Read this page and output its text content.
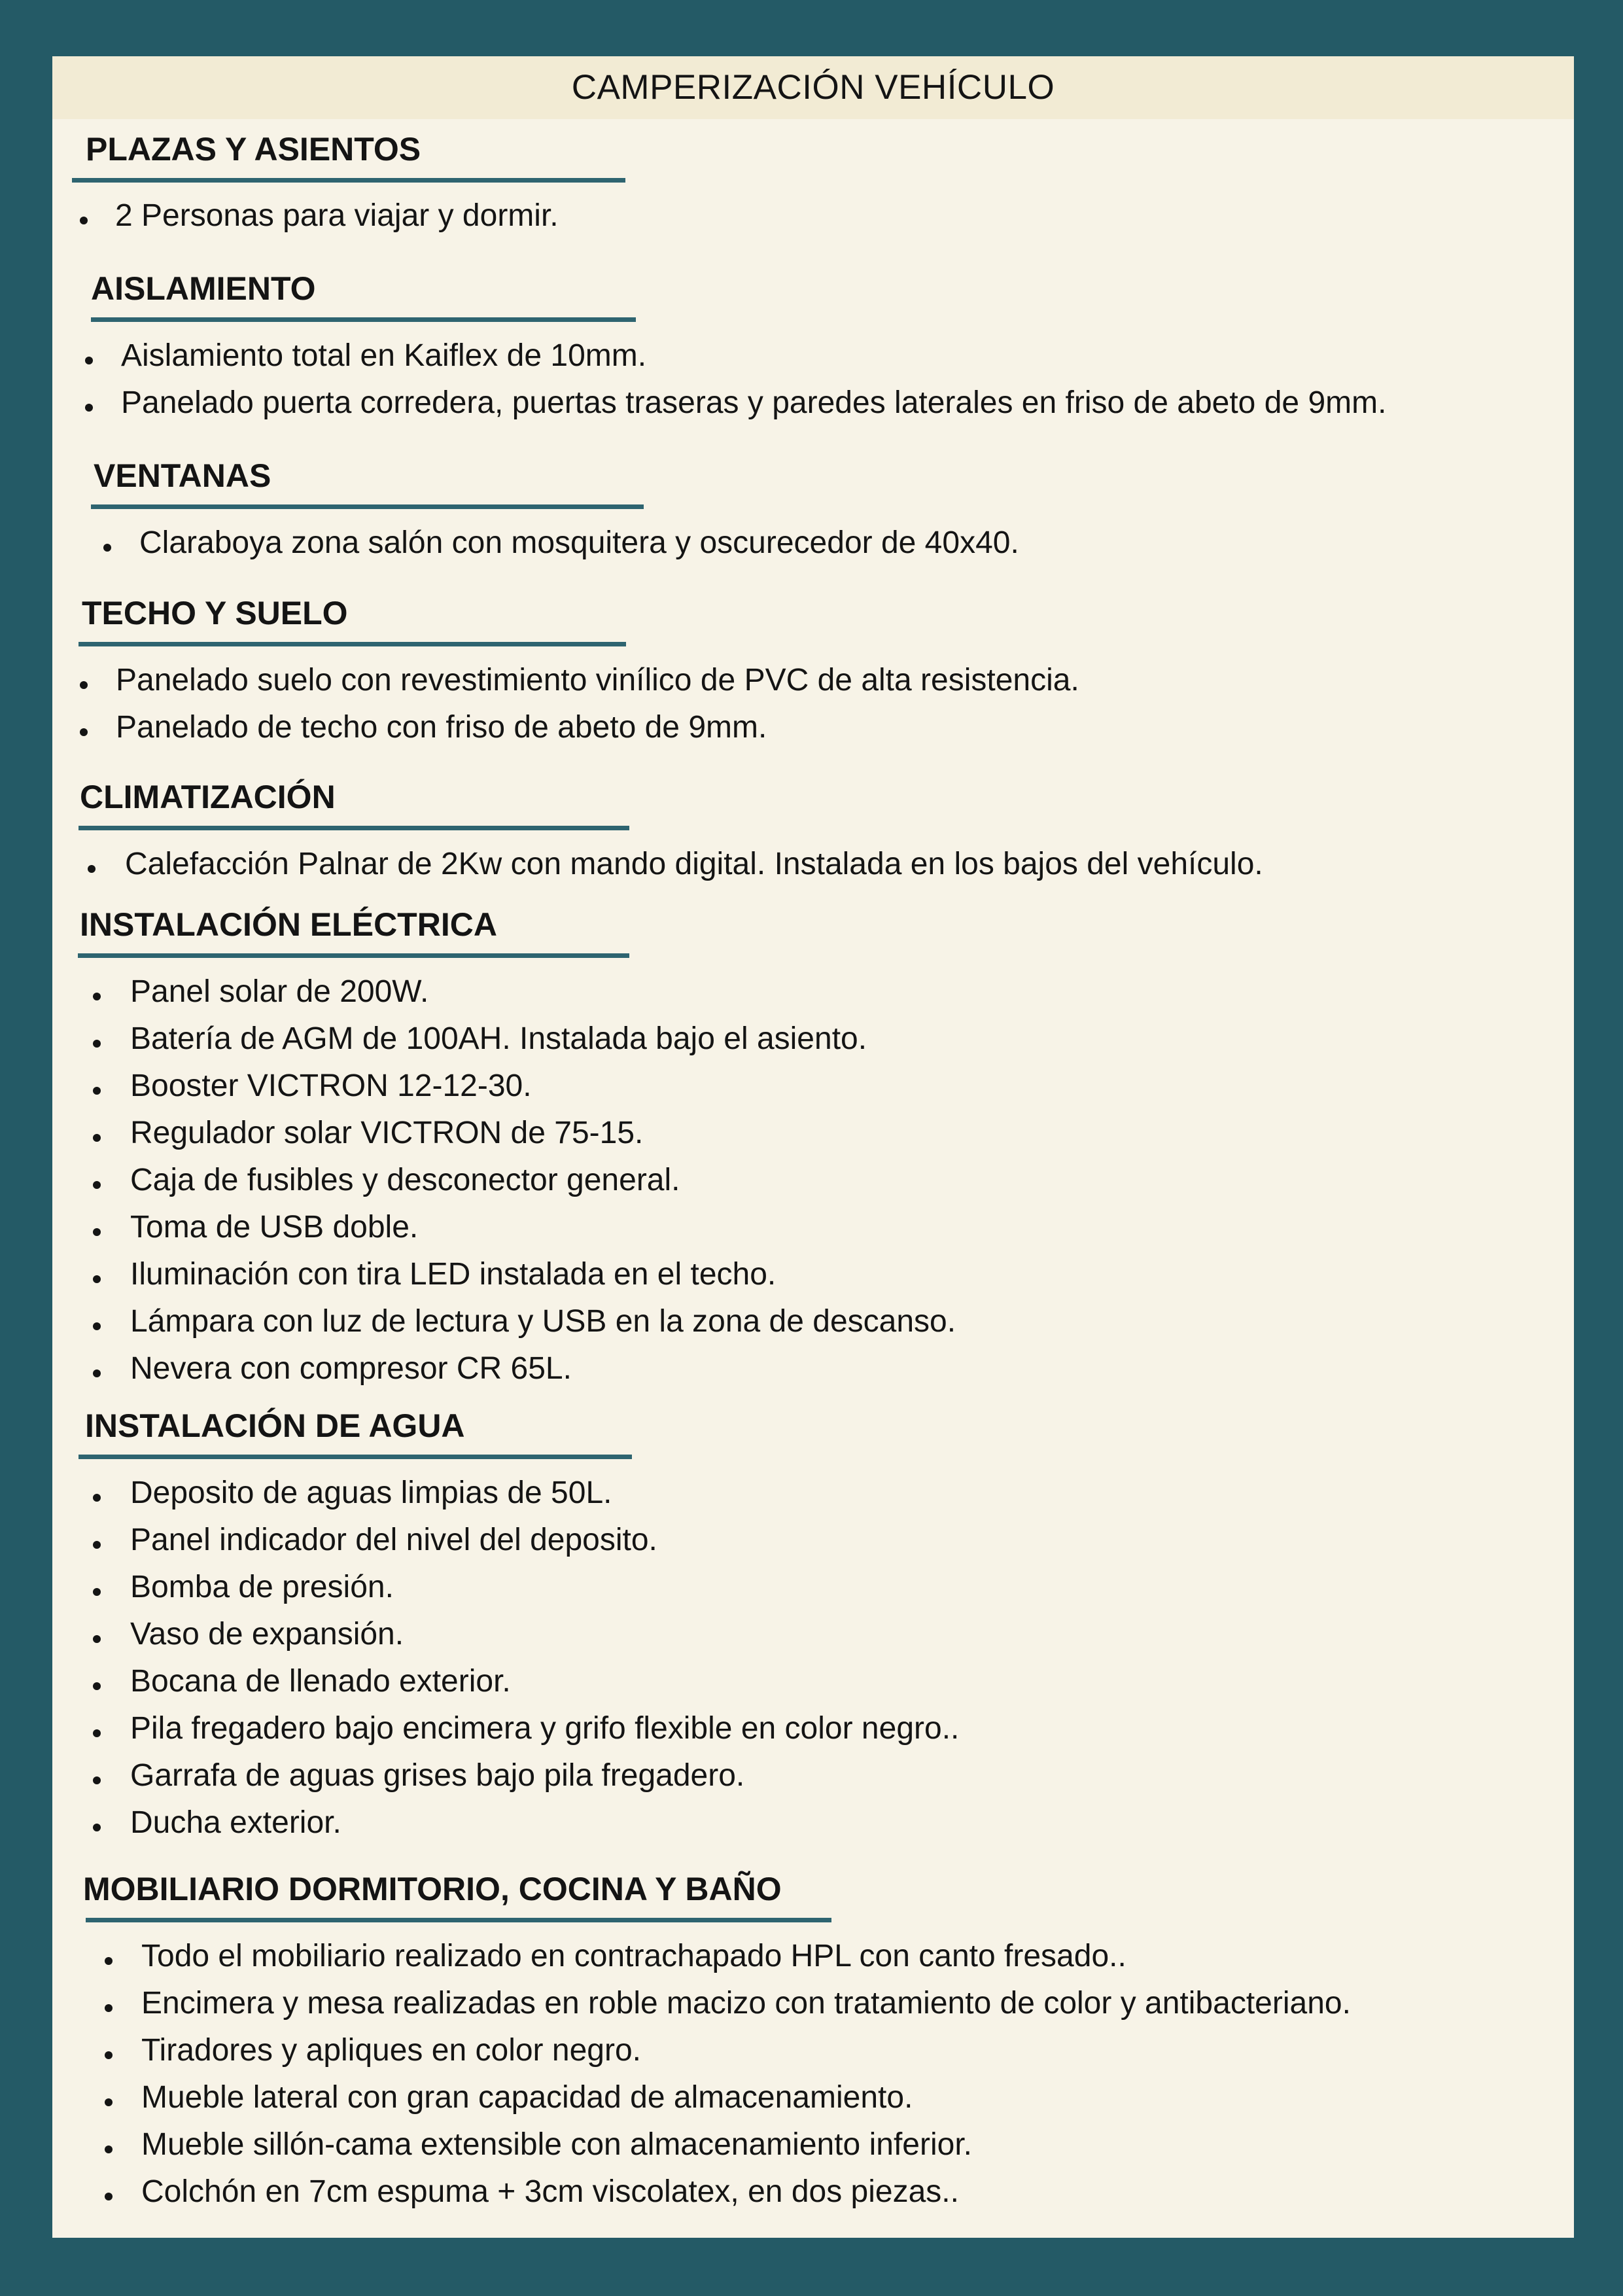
CAMPERIZACIÓN VEHÍCULO
PLAZAS Y ASIENTOS
2 Personas para viajar y dormir.
AISLAMIENTO
Aislamiento total en Kaiflex de 10mm.
Panelado puerta corredera, puertas traseras y paredes laterales en friso de abeto de 9mm.
VENTANAS
Claraboya zona salón con mosquitera y oscurecedor de 40x40.
TECHO Y SUELO
Panelado suelo con revestimiento vinílico de PVC de alta resistencia.
Panelado de techo con friso de abeto de 9mm.
CLIMATIZACIÓN
Calefacción Palnar de 2Kw con mando digital. Instalada en los bajos del vehículo.
INSTALACIÓN ELÉCTRICA
Panel solar de 200W.
Batería de AGM de 100AH. Instalada bajo el asiento.
Booster VICTRON 12-12-30.
Regulador solar VICTRON de 75-15.
Caja de fusibles y desconector general.
Toma de USB doble.
Iluminación con tira LED instalada en el techo.
Lámpara con luz de lectura y USB en la zona de descanso.
Nevera con compresor CR 65L.
INSTALACIÓN DE AGUA
Deposito de aguas limpias de 50L.
Panel indicador del nivel del deposito.
Bomba de presión.
Vaso de expansión.
Bocana de llenado exterior.
Pila fregadero bajo encimera y grifo flexible en color negro..
Garrafa de aguas grises bajo pila fregadero.
Ducha exterior.
MOBILIARIO DORMITORIO, COCINA Y BAÑO
Todo el mobiliario realizado en contrachapado HPL con canto fresado..
Encimera y mesa realizadas en roble macizo con tratamiento de color y antibacteriano.
Tiradores y apliques en color negro.
Mueble lateral con gran capacidad de almacenamiento.
Mueble sillón-cama extensible con almacenamiento inferior.
Colchón en 7cm espuma + 3cm viscolatex, en dos piezas..
